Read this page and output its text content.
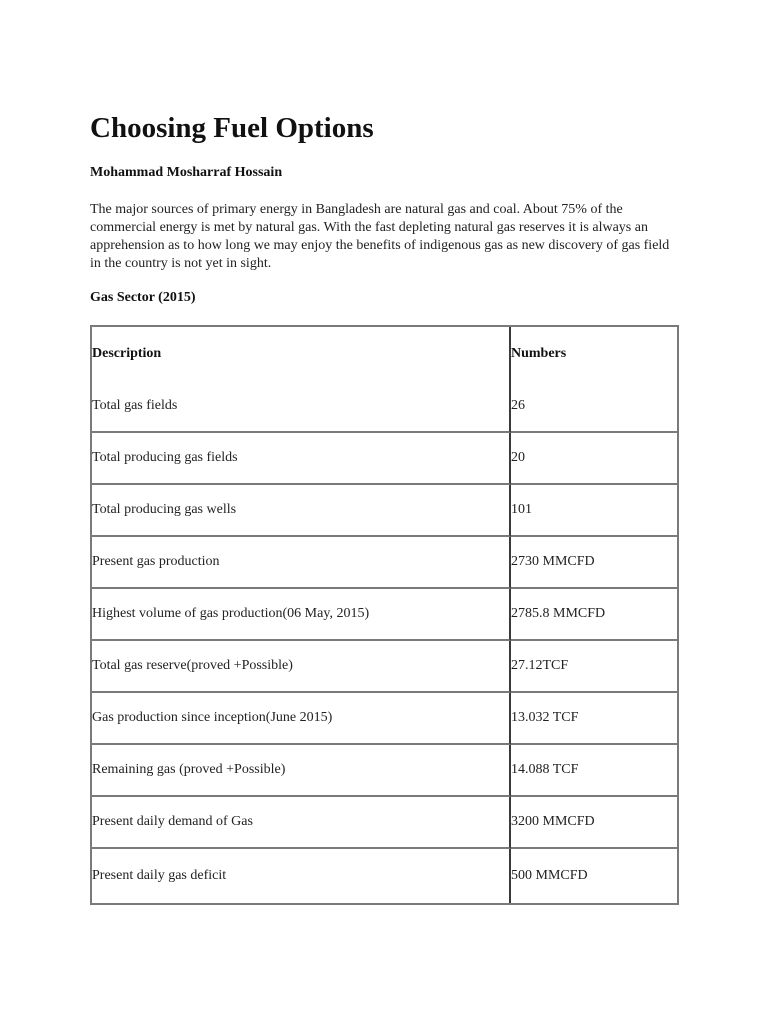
Choosing Fuel Options

Mohammad Mosharraf Hossain

The major sources of primary energy in Bangladesh are natural gas and coal. About 75% of the commercial energy is met by natural gas. With the fast depleting natural gas reserves it is always an apprehension as to how long we may enjoy the benefits of indigenous gas as new discovery of gas field in the country is not yet in sight.

Gas Sector (2015)

Description	Numbers
Total gas fields	26
Total producing gas fields	20
Total producing gas wells	101
Present gas production	2730 MMCFD
Highest volume of gas production(06 May, 2015)	2785.8 MMCFD
Total gas reserve(proved +Possible)	27.12TCF
Gas production since inception(June 2015)	13.032 TCF
Remaining gas (proved +Possible)	14.088 TCF
Present daily demand of Gas	3200 MMCFD
Present daily gas deficit	500 MMCFD
